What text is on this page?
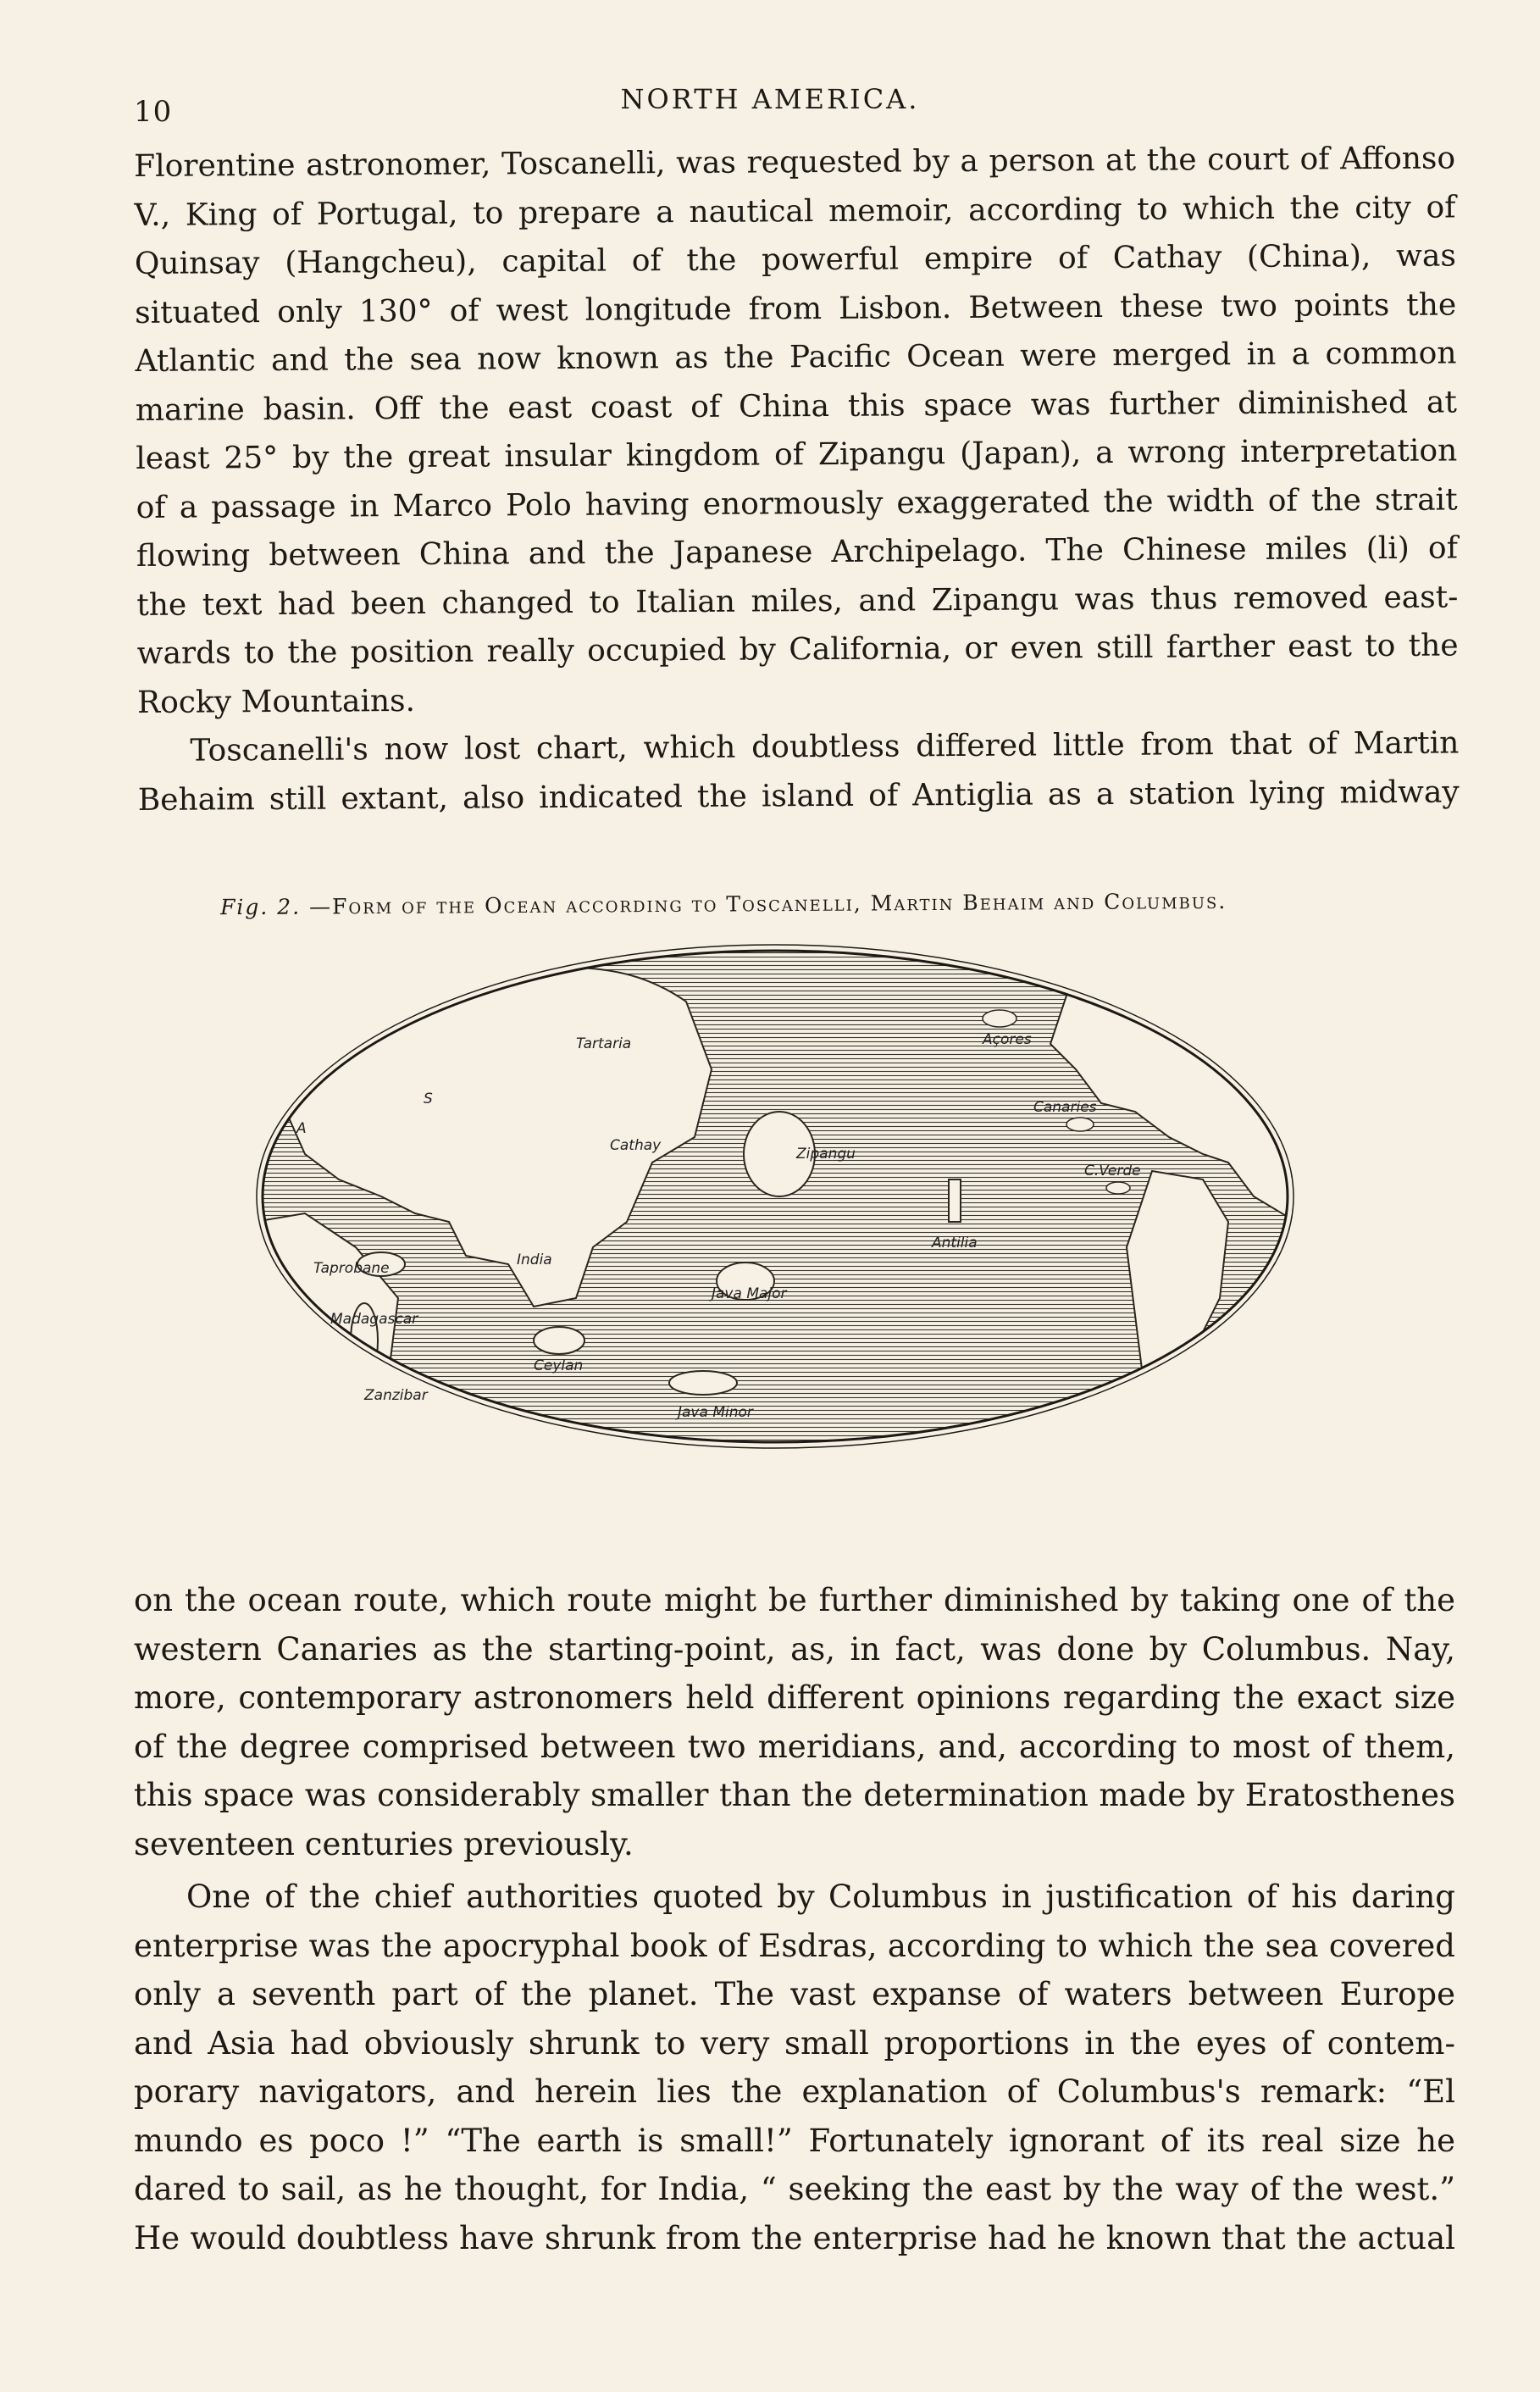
10	NORTH AMERICA.
Florentine astronomer, Toscanelli, was requested by a person at the court of Affonso
V., King of Portugal, to prepare a nautical memoir, according to which the city of
Quinsay (Hangcheu), capital of the powerful empire of Cathay (China), was
situated only 130° of west longitude from Lisbon. Between these two points the
Atlantic and the sea now known as the Pacific Ocean were merged in a common
marine basin. Off the east coast of China this space was further diminished at
least 25° by the great insular kingdom of Zipangu (Japan), a wrong interpretation
of a passage in Marco Polo having enormously exaggerated the width of the strait
flowing between China and the Japanese Archipelago. The Chinese miles (li) of
the text had been changed to Italian miles, and Zipangu was thus removed east-
wards to the position really occupied by California, or even still farther east to the
Rocky Mountains.
Toscanelli's now lost chart, which doubtless differed little from that of Martin
Behaim still extant, also indicated the island of Antiglia as a station lying midway
Fig. 2. —Form of the Ocean according to Toscanelli, Martin Behaim and Columbus.
Tartaria
Cathay	Zipangu
Açores
Canaries
C.Verde
Antilia
Taprobane
Madagascar
Java Major
Ceylan
Zanzibar
Java Minor
India
A
S
on the ocean route, which route might be further diminished by taking one of the
western Canaries as the starting-point, as, in fact, was done by Columbus. Nay,
more, contemporary astronomers held different opinions regarding the exact size
of the degree comprised between two meridians, and, according to most of them,
this space was considerably smaller than the determination made by Eratosthenes
seventeen centuries previously.
One of the chief authorities quoted by Columbus in justification of his daring
enterprise was the apocryphal book of Esdras, according to which the sea covered
only a seventh part of the planet. The vast expanse of waters between Europe
and Asia had obviously shrunk to very small proportions in the eyes of contem-
porary navigators, and herein lies the explanation of Columbus's remark: “El
mundo es poco !” “The earth is small!” Fortunately ignorant of its real size he
dared to sail, as he thought, for India, “ seeking the east by the way of the west.”
He would doubtless have shrunk from the enterprise had he known that the actual
